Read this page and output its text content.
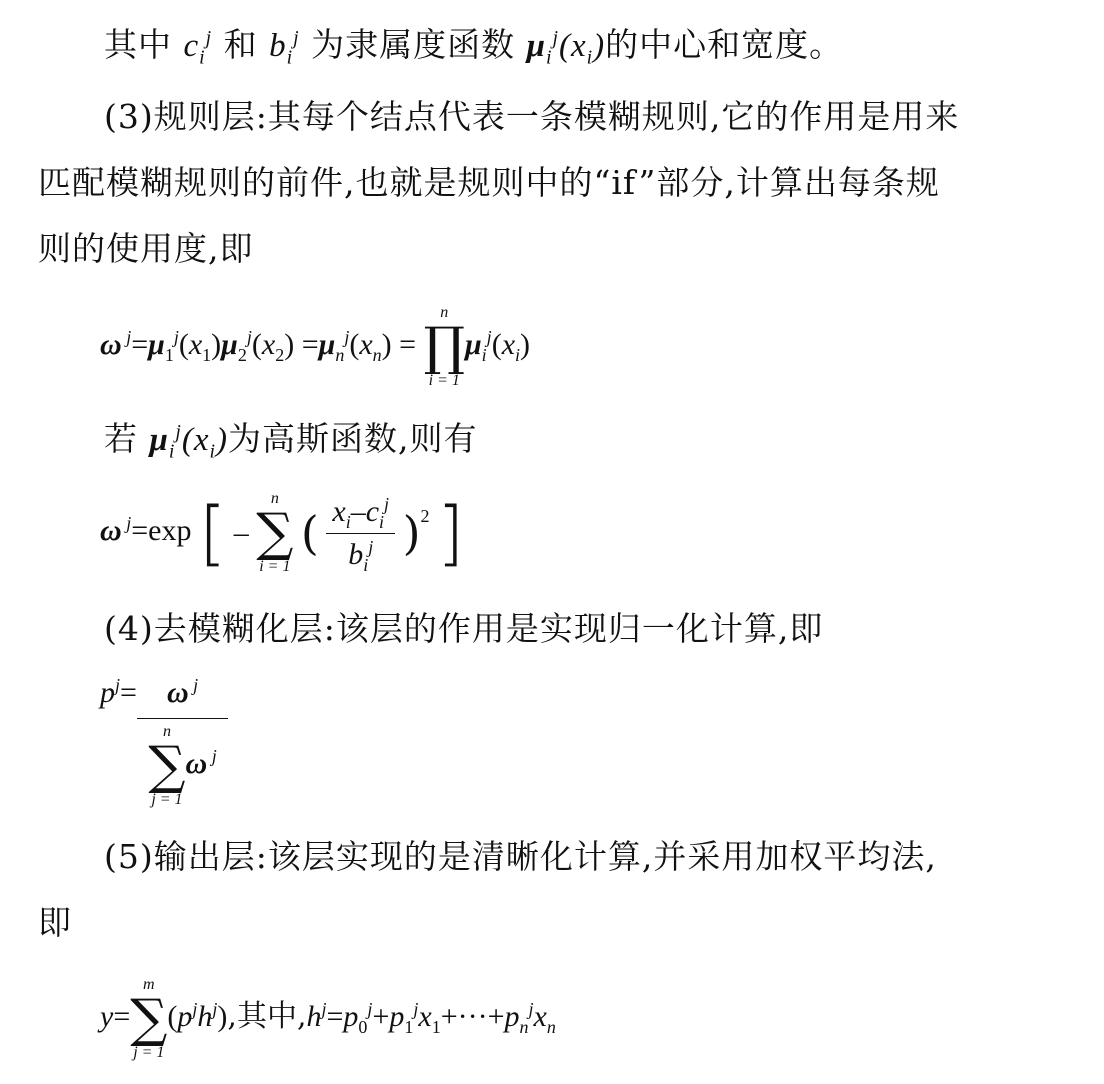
其中 $c_i^j$ 和 $b_i^j$ 为隶属度函数 $\mu_i^j(x_i)$的中心和宽度。

(3)规则层:其每个结点代表一条模糊规则,它的作用是用来匹配模糊规则的前件,也就是规则中的“if”部分,计算出每条规则的使用度,即

ω $^j=\mu_1^j(x_1)\mu_2^j(x_2) =\mu_n^j(x_n)$ =
n
∏
i = 1
$\mu_i^j(x_i)$

若 $\mu_i^j(x_i)$为高斯函数,则有

ω $^j$=exp [ –
n
∑
i = 1
( $\frac{x_i-c_i^j}{b_i^j} )^2$ ]

(4)去模糊化层:该层的作用是实现归一化计算,即

$p^j= \omega$ $^j$
n
∑
j = 1
ω $^j$

(5)输出层:该层实现的是清晰化计算,并采用加权平均法,即

y=
m
∑
j = 1
$(p^jh^j)$,其中$,h^j=p_0^j+p_1^jx_1+\cdot\cdot\cdot+p_n^jx_n$
